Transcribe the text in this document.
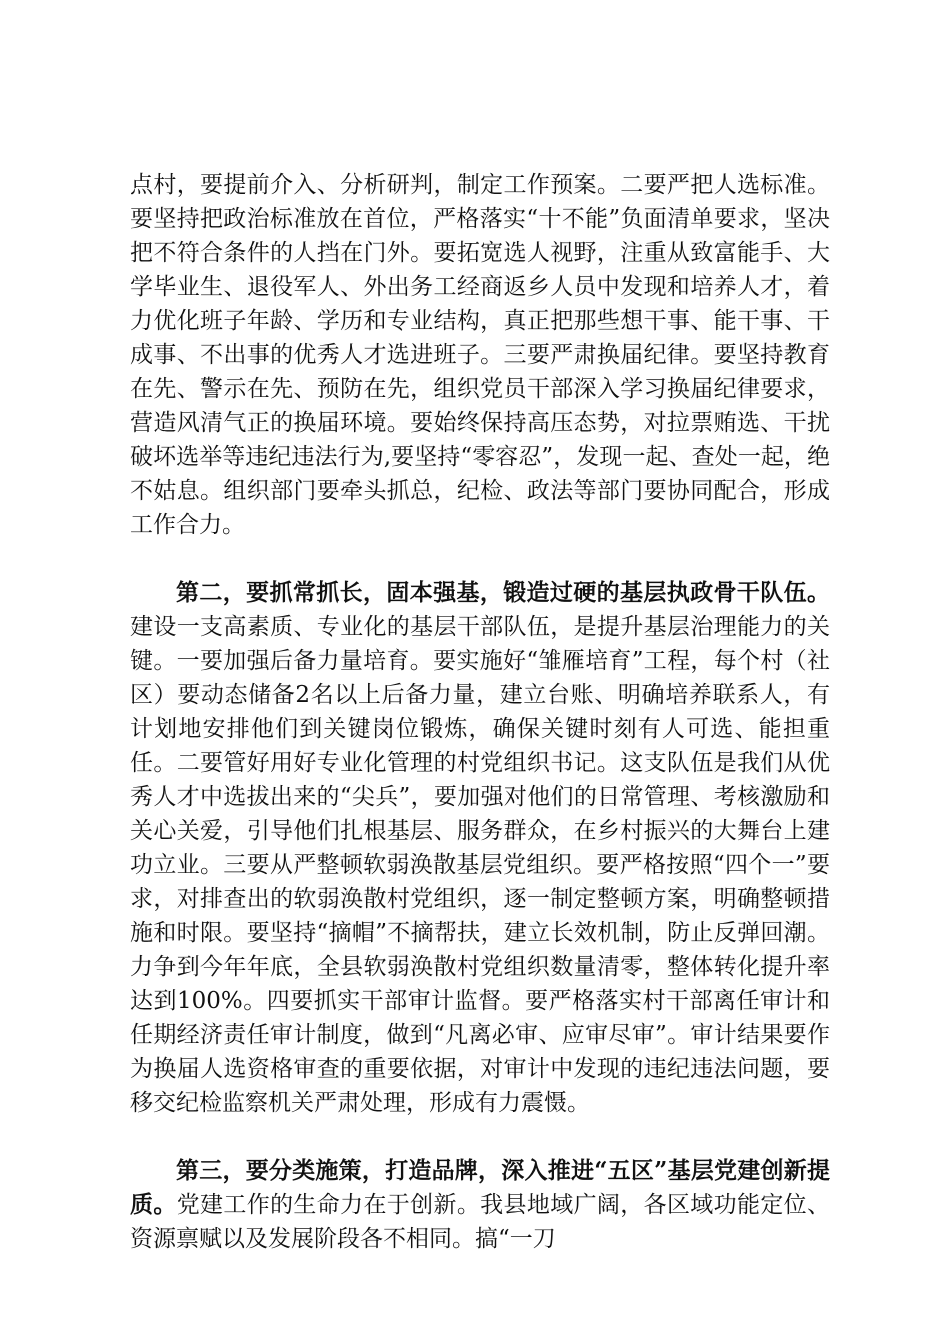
点村，要提前介入、分析研判，制定工作预案。二要严把人选标准。要坚持把政治标准放在首位，严格落实“十不能”负面清单要求，坚决把不符合条件的人挡在门外。要拓宽选人视野，注重从致富能手、大学毕业生、退役军人、外出务工经商返乡人员中发现和培养人才，着力优化班子年龄、学历和专业结构，真正把那些想干事、能干事、干成事、不出事的优秀人才选进班子。三要严肃换届纪律。要坚持教育在先、警示在先、预防在先，组织党员干部深入学习换届纪律要求，营造风清气正的换届环境。要始终保持高压态势，对拉票贿选、干扰破坏选举等违纪违法行为,要坚持“零容忍”，发现一起、查处一起，绝不姑息。组织部门要牵头抓总，纪检、政法等部门要协同配合，形成工作合力。

第二，要抓常抓长，固本强基，锻造过硬的基层执政骨干队伍。建设一支高素质、专业化的基层干部队伍，是提升基层治理能力的关键。一要加强后备力量培育。要实施好“雏雁培育”工程，每个村（社区）要动态储备2名以上后备力量，建立台账、明确培养联系人，有计划地安排他们到关键岗位锻炼，确保关键时刻有人可选、能担重任。二要管好用好专业化管理的村党组织书记。这支队伍是我们从优秀人才中选拔出来的“尖兵”，要加强对他们的日常管理、考核激励和关心关爱，引导他们扎根基层、服务群众，在乡村振兴的大舞台上建功立业。三要从严整顿软弱涣散基层党组织。要严格按照“四个一”要求，对排查出的软弱涣散村党组织，逐一制定整顿方案，明确整顿措施和时限。要坚持“摘帽”不摘帮扶，建立长效机制，防止反弹回潮。力争到今年年底，全县软弱涣散村党组织数量清零，整体转化提升率达到100%。四要抓实干部审计监督。要严格落实村干部离任审计和任期经济责任审计制度，做到“凡离必审、应审尽审”。审计结果要作为换届人选资格审查的重要依据，对审计中发现的违纪违法问题，要移交纪检监察机关严肃处理，形成有力震慑。

第三，要分类施策，打造品牌，深入推进“五区”基层党建创新提质。党建工作的生命力在于创新。我县地域广阔，各区域功能定位、资源禀赋以及发展阶段各不相同。搞“一刀
